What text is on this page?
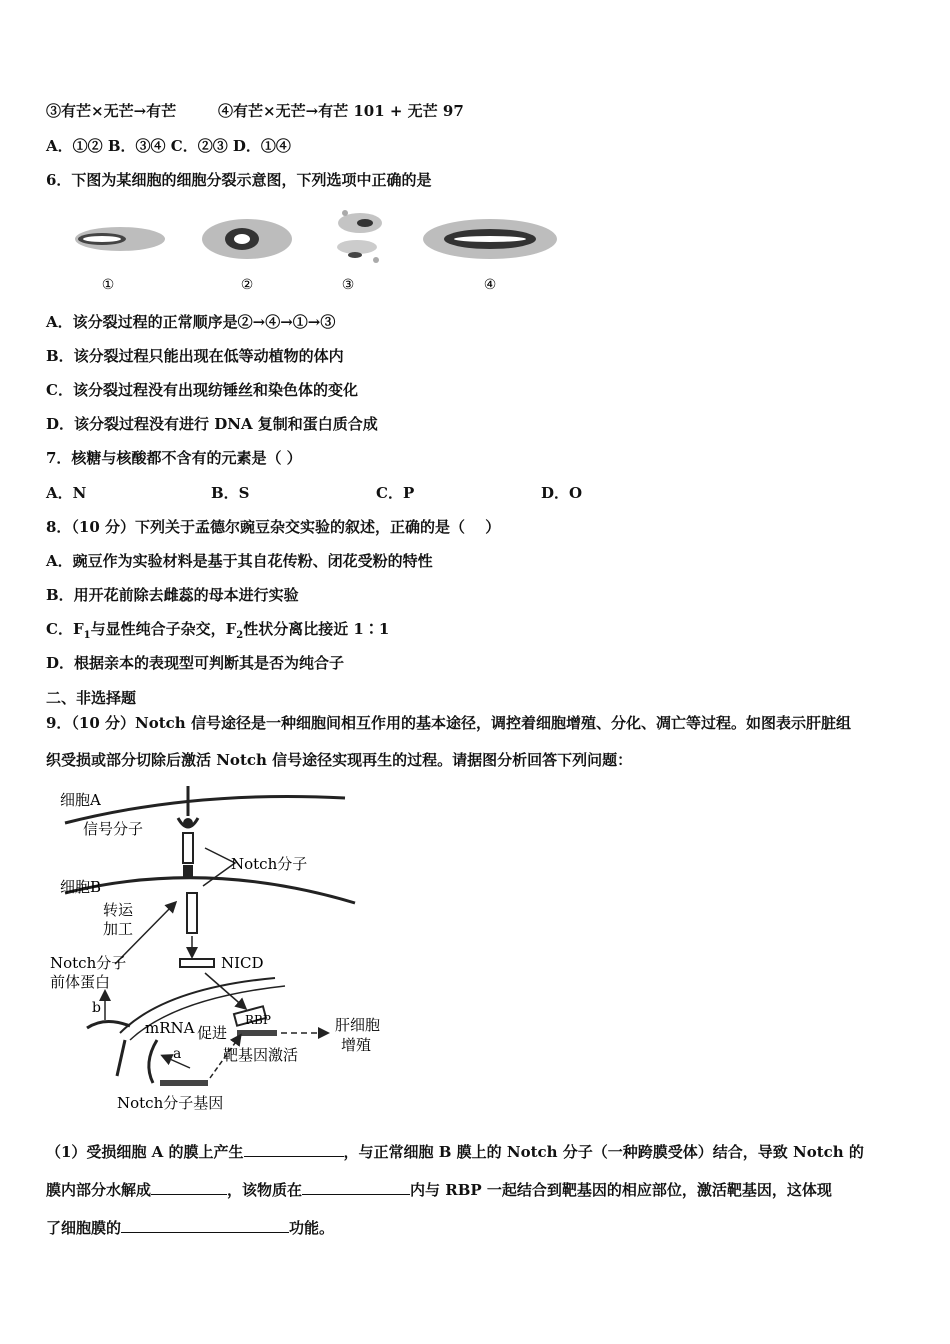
③有芒×无芒→有芒	④有芒×无芒→有芒 101 + 无芒 97
A．①② B．③④ C．②③ D．①④
6．下图为某细胞的细胞分裂示意图，下列选项中正确的是
①	②	③	④
A．该分裂过程的正常顺序是②→④→①→③
B．该分裂过程只能出现在低等动植物的体内
C．该分裂过程没有出现纺锤丝和染色体的变化
D．该分裂过程没有进行 DNA 复制和蛋白质合成
7．核糖与核酸都不含有的元素是（ ）
A．N	B．S	C．P	D．O
8．（10 分）下列关于孟德尔豌豆杂交实验的叙述，正确的是（　 ）
A．豌豆作为实验材料是基于其自花传粉、闭花受粉的特性
B．用开花前除去雌蕊的母本进行实验
C．$F_1$与显性纯合子杂交，$F_2$性状分离比接近 1∶1
D．根据亲本的表现型可判断其是否为纯合子
二、非选择题
9．（10 分）Notch 信号途径是一种细胞间相互作用的基本途径，调控着细胞增殖、分化、凋亡等过程。如图表示肝脏组
织受损或部分切除后激活 Notch 信号途径实现再生的过程。请据图分析回答下列问题：
细胞A
信号分子
Notch分子
细胞B
转运
加工
Notch分子
前体蛋白
NICD
b
mRNA 促进
RBP
a	靶基因激活
肝细胞
增殖
Notch分子基因
（1）受损细胞 A 的膜上产生	，与正常细胞 B 膜上的 Notch 分子（一种跨膜受体）结合，导致 Notch 的
膜内部分水解成	，该物质在	内与 RBP 一起结合到靶基因的相应部位，激活靶基因，这体现
了细胞膜的	功能。
